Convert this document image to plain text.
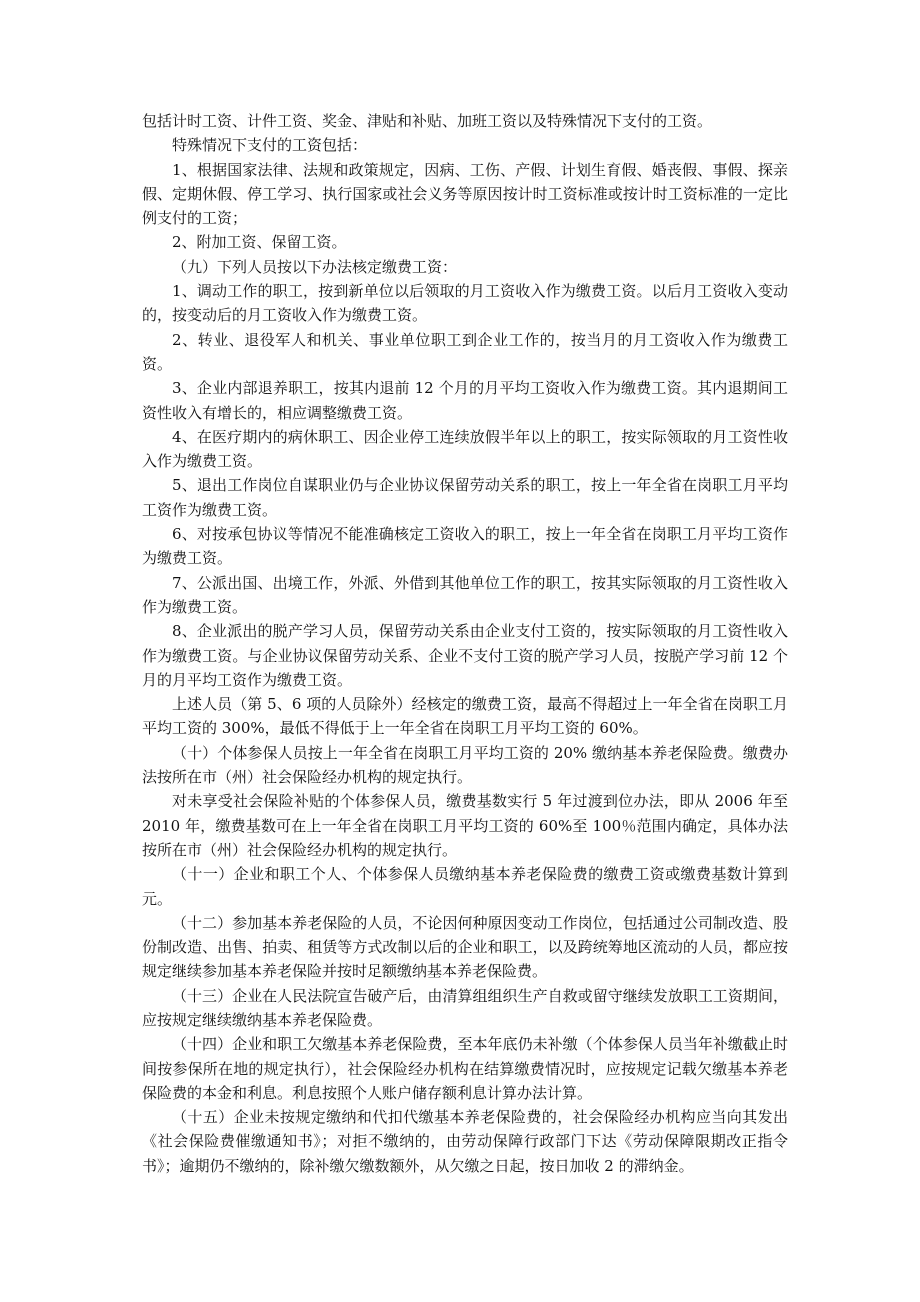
包括计时工资、计件工资、奖金、津贴和补贴、加班工资以及特殊情况下支付的工资。

特殊情况下支付的工资包括：

1、根据国家法律、法规和政策规定，因病、工伤、产假、计划生育假、婚丧假、事假、探亲假、定期休假、停工学习、执行国家或社会义务等原因按计时工资标准或按计时工资标准的一定比例支付的工资；

2、附加工资、保留工资。

（九）下列人员按以下办法核定缴费工资：

1、调动工作的职工，按到新单位以后领取的月工资收入作为缴费工资。以后月工资收入变动的，按变动后的月工资收入作为缴费工资。

2、转业、退役军人和机关、事业单位职工到企业工作的，按当月的月工资收入作为缴费工资。

3、企业内部退养职工，按其内退前 12 个月的月平均工资收入作为缴费工资。其内退期间工资性收入有增长的，相应调整缴费工资。

4、在医疗期内的病休职工、因企业停工连续放假半年以上的职工，按实际领取的月工资性收入作为缴费工资。

5、退出工作岗位自谋职业仍与企业协议保留劳动关系的职工，按上一年全省在岗职工月平均工资作为缴费工资。

6、对按承包协议等情况不能准确核定工资收入的职工，按上一年全省在岗职工月平均工资作为缴费工资。

7、公派出国、出境工作，外派、外借到其他单位工作的职工，按其实际领取的月工资性收入作为缴费工资。

8、企业派出的脱产学习人员，保留劳动关系由企业支付工资的，按实际领取的月工资性收入作为缴费工资。与企业协议保留劳动关系、企业不支付工资的脱产学习人员，按脱产学习前 12 个月的月平均工资作为缴费工资。

上述人员（第 5、6 项的人员除外）经核定的缴费工资，最高不得超过上一年全省在岗职工月平均工资的 300%，最低不得低于上一年全省在岗职工月平均工资的 60%。

（十）个体参保人员按上一年全省在岗职工月平均工资的 20% 缴纳基本养老保险费。缴费办法按所在市（州）社会保险经办机构的规定执行。

对未享受社会保险补贴的个体参保人员，缴费基数实行 5 年过渡到位办法，即从 2006 年至 2010 年，缴费基数可在上一年全省在岗职工月平均工资的 60%至 100％范围内确定，具体办法按所在市（州）社会保险经办机构的规定执行。

（十一）企业和职工个人、个体参保人员缴纳基本养老保险费的缴费工资或缴费基数计算到元。

（十二）参加基本养老保险的人员，不论因何种原因变动工作岗位，包括通过公司制改造、股份制改造、出售、拍卖、租赁等方式改制以后的企业和职工，以及跨统筹地区流动的人员，都应按规定继续参加基本养老保险并按时足额缴纳基本养老保险费。

（十三）企业在人民法院宣告破产后，由清算组组织生产自救或留守继续发放职工工资期间，应按规定继续缴纳基本养老保险费。

（十四）企业和职工欠缴基本养老保险费，至本年底仍未补缴（个体参保人员当年补缴截止时间按参保所在地的规定执行），社会保险经办机构在结算缴费情况时，应按规定记载欠缴基本养老保险费的本金和利息。利息按照个人账户储存额利息计算办法计算。

（十五）企业未按规定缴纳和代扣代缴基本养老保险费的，社会保险经办机构应当向其发出《社会保险费催缴通知书》；对拒不缴纳的，由劳动保障行政部门下达《劳动保障限期改正指令书》；逾期仍不缴纳的，除补缴欠缴数额外，从欠缴之日起，按日加收 2 的滞纳金。
